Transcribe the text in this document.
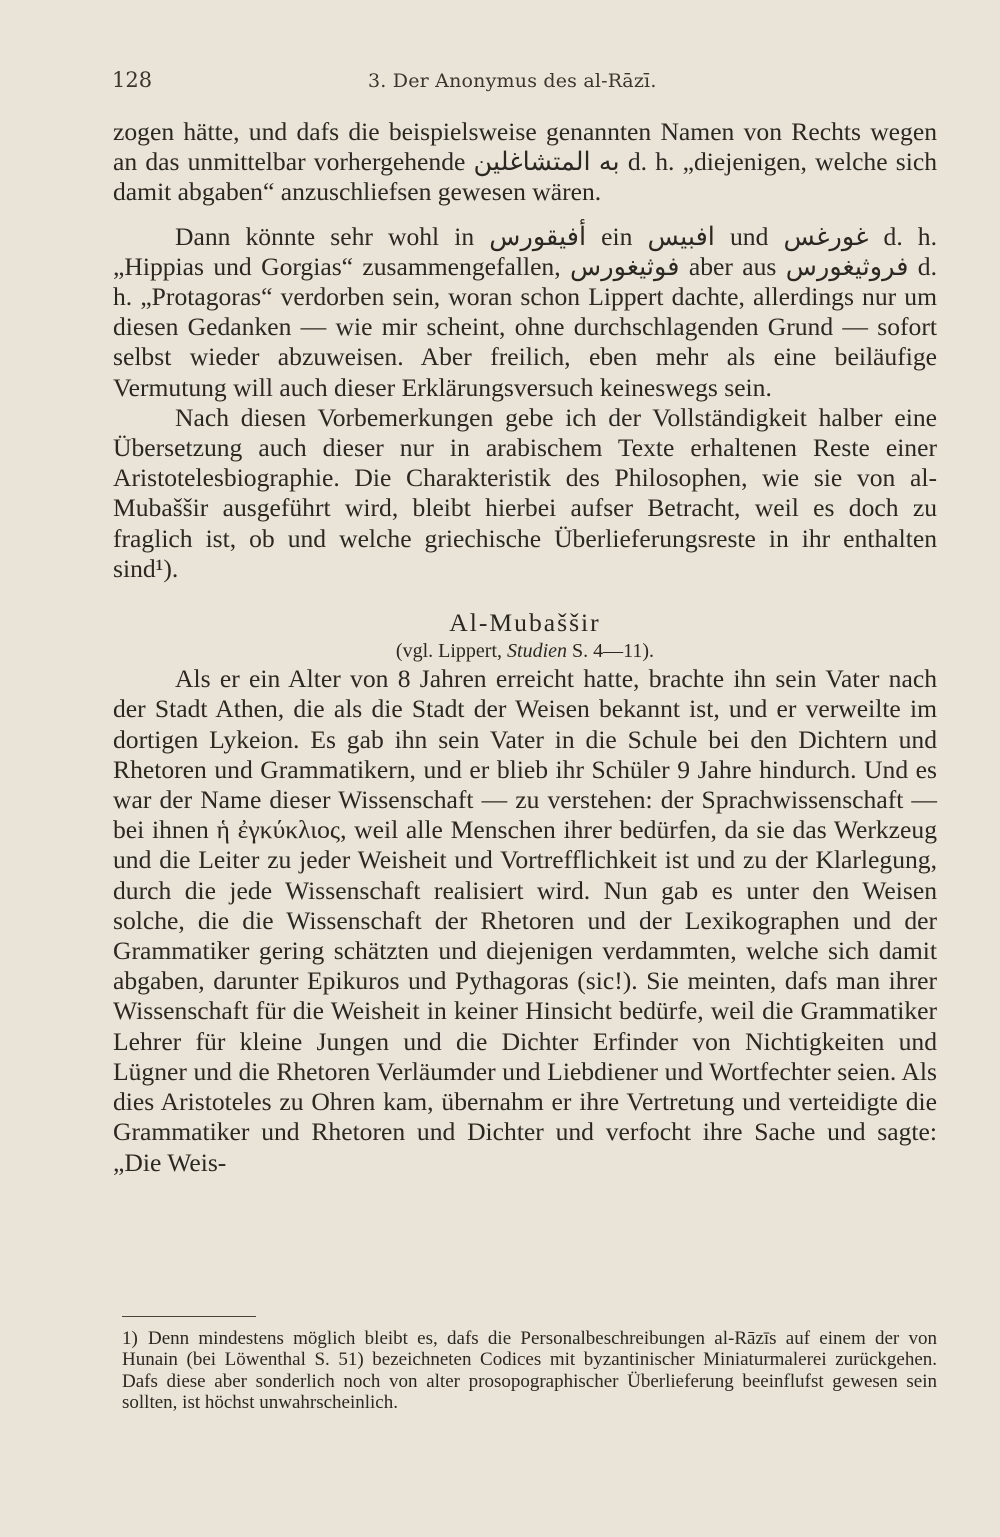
128	3. Der Anonymus des al-Rāzī.

zogen hätte, und dafs die beispielsweise genannten Namen von Rechts wegen an das unmittelbar vorhergehende ﺑﻪ ﺍﻟﻤﺘﺸﺎﻏﻠﻴﻦ d. h. „diejenigen, welche sich damit abgaben“ anzuschliefsen gewesen wären.

Dann könnte sehr wohl in ﺃﻓﻴﻘﻮﺭﺱ ein ﺍﻓﺒﻴﺲ und ﻏﻮﺭﻏﺲ d. h. „Hippias und Gorgias“ zusammengefallen, ﻓﻮﺛﻴﻐﻮﺭﺱ aber aus ﻓﺮﻭﺛﻴﻐﻮﺭﺱ d. h. „Protagoras“ verdorben sein, woran schon Lippert dachte, allerdings nur um diesen Gedanken — wie mir scheint, ohne durchschlagenden Grund — sofort selbst wieder abzuweisen. Aber freilich, eben mehr als eine beiläufige Vermutung will auch dieser Erklärungsversuch keineswegs sein.

Nach diesen Vorbemerkungen gebe ich der Vollständigkeit halber eine Übersetzung auch dieser nur in arabischem Texte erhaltenen Reste einer Aristotelesbiographie. Die Charakteristik des Philosophen, wie sie von al-Mubaššir ausgeführt wird, bleibt hierbei aufser Betracht, weil es doch zu fraglich ist, ob und welche griechische Überlieferungsreste in ihr enthalten sind¹).

Al-Mubaššir

(vgl. Lippert, Studien S. 4—11).

Als er ein Alter von 8 Jahren erreicht hatte, brachte ihn sein Vater nach der Stadt Athen, die als die Stadt der Weisen bekannt ist, und er verweilte im dortigen Lykeion. Es gab ihn sein Vater in die Schule bei den Dichtern und Rhetoren und Grammatikern, und er blieb ihr Schüler 9 Jahre hindurch. Und es war der Name dieser Wissenschaft — zu verstehen: der Sprachwissenschaft — bei ihnen ἡ ἐγκύκλιος, weil alle Menschen ihrer bedürfen, da sie das Werkzeug und die Leiter zu jeder Weisheit und Vortrefflichkeit ist und zu der Klarlegung, durch die jede Wissenschaft realisiert wird. Nun gab es unter den Weisen solche, die die Wissenschaft der Rhetoren und der Lexikographen und der Grammatiker gering schätzten und diejenigen verdammten, welche sich damit abgaben, darunter Epikuros und Pythagoras (sic!). Sie meinten, dafs man ihrer Wissenschaft für die Weisheit in keiner Hinsicht bedürfe, weil die Grammatiker Lehrer für kleine Jungen und die Dichter Erfinder von Nichtigkeiten und Lügner und die Rhetoren Verläumder und Liebdiener und Wortfechter seien. Als dies Aristoteles zu Ohren kam, übernahm er ihre Vertretung und verteidigte die Grammatiker und Rhetoren und Dichter und verfocht ihre Sache und sagte: „Die Weis-

1) Denn mindestens möglich bleibt es, dafs die Personalbeschreibungen al-Rāzīs auf einem der von Hunain (bei Löwenthal S. 51) bezeichneten Codices mit byzantinischer Miniaturmalerei zurückgehen. Dafs diese aber sonderlich noch von alter prosopographischer Überlieferung beeinflufst gewesen sein sollten, ist höchst unwahrscheinlich.
